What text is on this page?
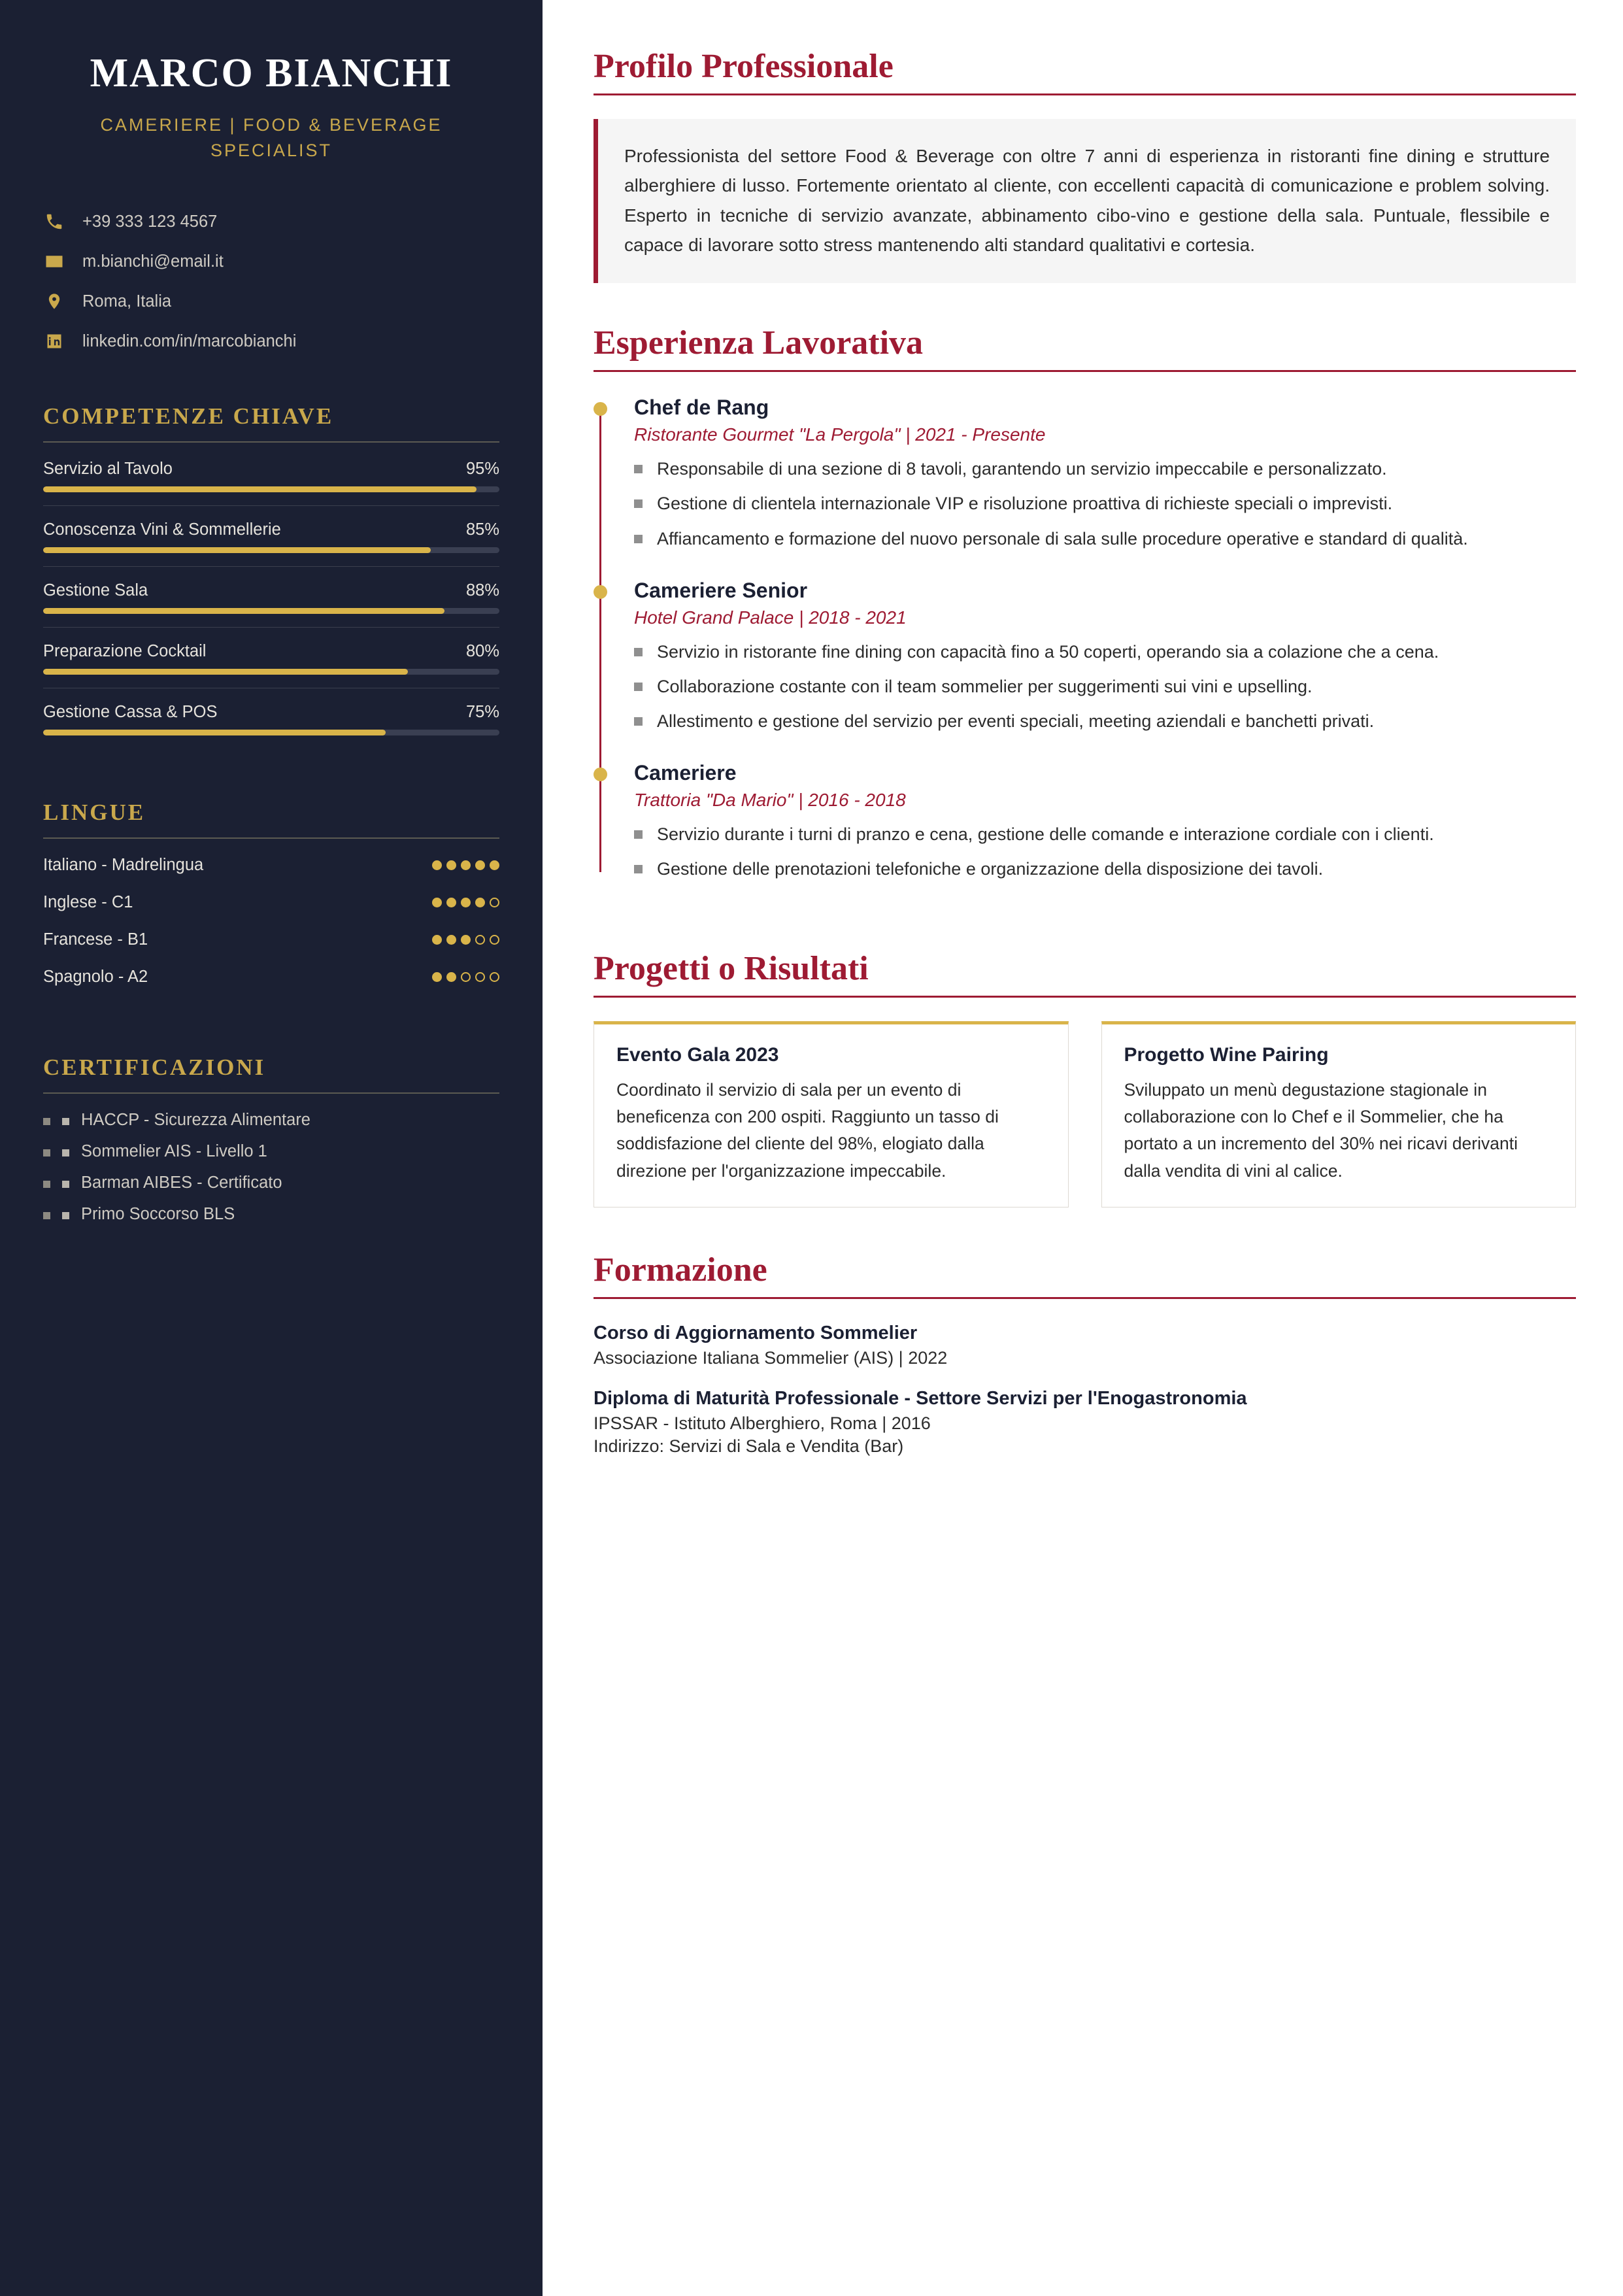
MARCO BIANCHI
CAMERIERE | FOOD & BEVERAGE SPECIALIST
+39 333 123 4567
m.bianchi@email.it
Roma, Italia
linkedin.com/in/marcobianchi
COMPETENZE CHIAVE
Servizio al Tavolo	95%
Conoscenza Vini & Sommellerie	85%
Gestione Sala	88%
Preparazione Cocktail	80%
Gestione Cassa & POS	75%
LINGUE
Italiano - Madrelingua
Inglese - C1
Francese - B1
Spagnolo - A2
CERTIFICAZIONI
HACCP - Sicurezza Alimentare
Sommelier AIS - Livello 1
Barman AIBES - Certificato
Primo Soccorso BLS
Profilo Professionale
Professionista del settore Food & Beverage con oltre 7 anni di esperienza in ristoranti fine dining e strutture alberghiere di lusso. Fortemente orientato al cliente, con eccellenti capacità di comunicazione e problem solving. Esperto in tecniche di servizio avanzate, abbinamento cibo-vino e gestione della sala. Puntuale, flessibile e capace di lavorare sotto stress mantenendo alti standard qualitativi e cortesia.
Esperienza Lavorativa
Chef de Rang
Ristorante Gourmet "La Pergola" | 2021 - Presente
Responsabile di una sezione di 8 tavoli, garantendo un servizio impeccabile e personalizzato.
Gestione di clientela internazionale VIP e risoluzione proattiva di richieste speciali o imprevisti.
Affiancamento e formazione del nuovo personale di sala sulle procedure operative e standard di qualità.
Cameriere Senior
Hotel Grand Palace | 2018 - 2021
Servizio in ristorante fine dining con capacità fino a 50 coperti, operando sia a colazione che a cena.
Collaborazione costante con il team sommelier per suggerimenti sui vini e upselling.
Allestimento e gestione del servizio per eventi speciali, meeting aziendali e banchetti privati.
Cameriere
Trattoria "Da Mario" | 2016 - 2018
Servizio durante i turni di pranzo e cena, gestione delle comande e interazione cordiale con i clienti.
Gestione delle prenotazioni telefoniche e organizzazione della disposizione dei tavoli.
Progetti o Risultati
Evento Gala 2023
Coordinato il servizio di sala per un evento di beneficenza con 200 ospiti. Raggiunto un tasso di soddisfazione del cliente del 98%, elogiato dalla direzione per l'organizzazione impeccabile.
Progetto Wine Pairing
Sviluppato un menù degustazione stagionale in collaborazione con lo Chef e il Sommelier, che ha portato a un incremento del 30% nei ricavi derivanti dalla vendita di vini al calice.
Formazione
Corso di Aggiornamento Sommelier
Associazione Italiana Sommelier (AIS) | 2022
Diploma di Maturità Professionale - Settore Servizi per l'Enogastronomia
IPSSAR - Istituto Alberghiero, Roma | 2016
Indirizzo: Servizi di Sala e Vendita (Bar)
